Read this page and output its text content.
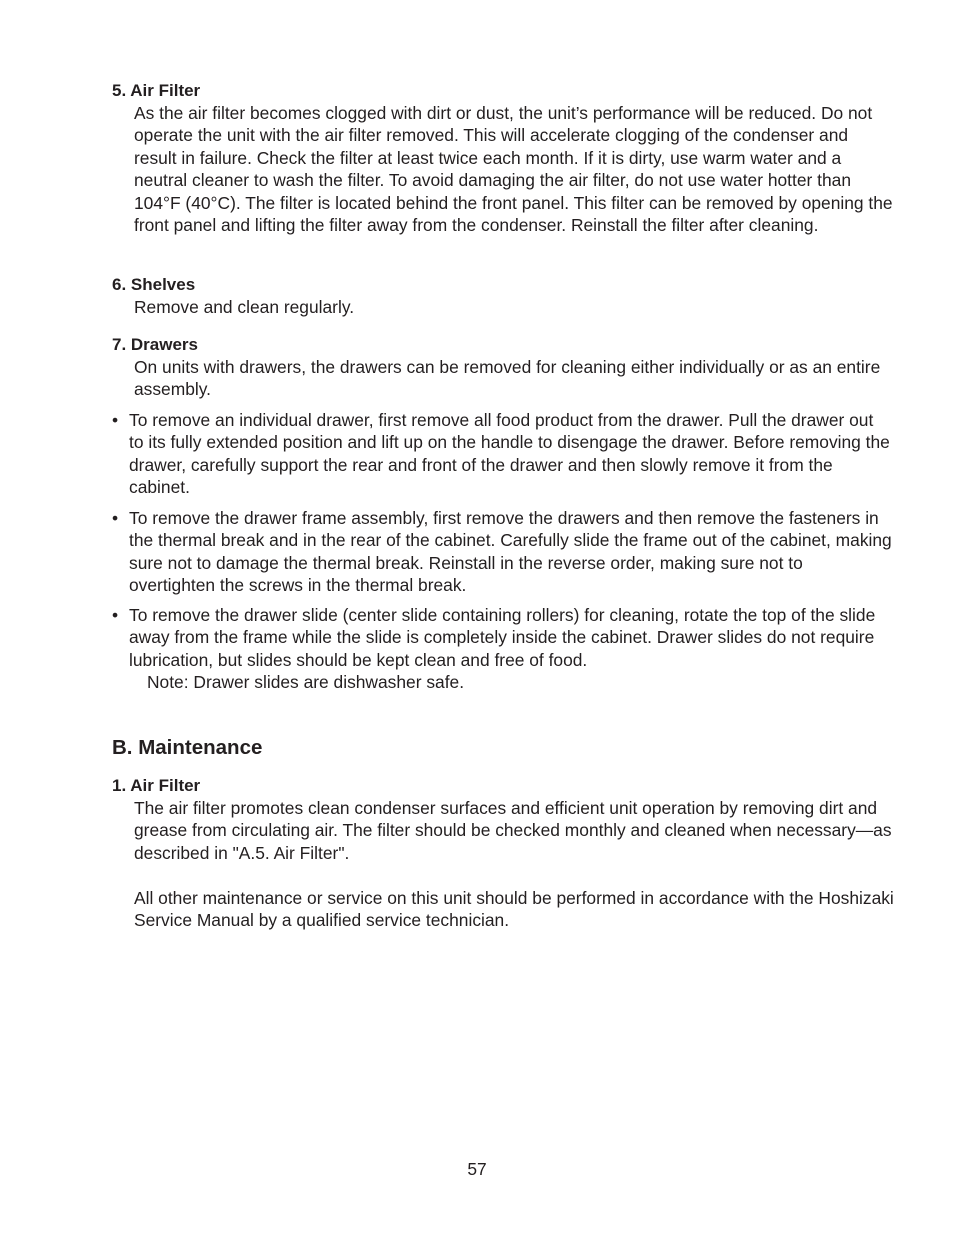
5. Air Filter

As the air filter becomes clogged with dirt or dust, the unit’s performance will be reduced. Do not operate the unit with the air filter removed. This will accelerate clogging of the condenser and result in failure. Check the filter at least twice each month. If it is dirty, use warm water and a neutral cleaner to wash the filter. To avoid damaging the air filter, do not use water hotter than 104°F (40°C). The filter is located behind the front panel. This filter can be removed by opening the front panel and lifting the filter away from the condenser. Reinstall the filter after cleaning.

6. Shelves

Remove and clean regularly.

7. Drawers

On units with drawers, the drawers can be removed for cleaning either individually or as an entire assembly.

• To remove an individual drawer, first remove all food product from the drawer. Pull the drawer out to its fully extended position and lift up on the handle to disengage the drawer. Before removing the drawer, carefully support the rear and front of the drawer and then slowly remove it from the cabinet.
• To remove the drawer frame assembly, first remove the drawers and then remove the fasteners in the thermal break and in the rear of the cabinet. Carefully slide the frame out of the cabinet, making sure not to damage the thermal break. Reinstall in the reverse order, making sure not to overtighten the screws in the thermal break.
• To remove the drawer slide (center slide containing rollers) for cleaning, rotate the top of the slide away from the frame while the slide is completely inside the cabinet. Drawer slides do not require lubrication, but slides should be kept clean and free of food.

Note: Drawer slides are dishwasher safe.

B. Maintenance
1. Air Filter

The air filter promotes clean condenser surfaces and efficient unit operation by removing dirt and grease from circulating air. The filter should be checked monthly and cleaned when necessary—as described in "A.5. Air Filter".

All other maintenance or service on this unit should be performed in accordance with the Hoshizaki Service Manual by a qualified service technician.

57
